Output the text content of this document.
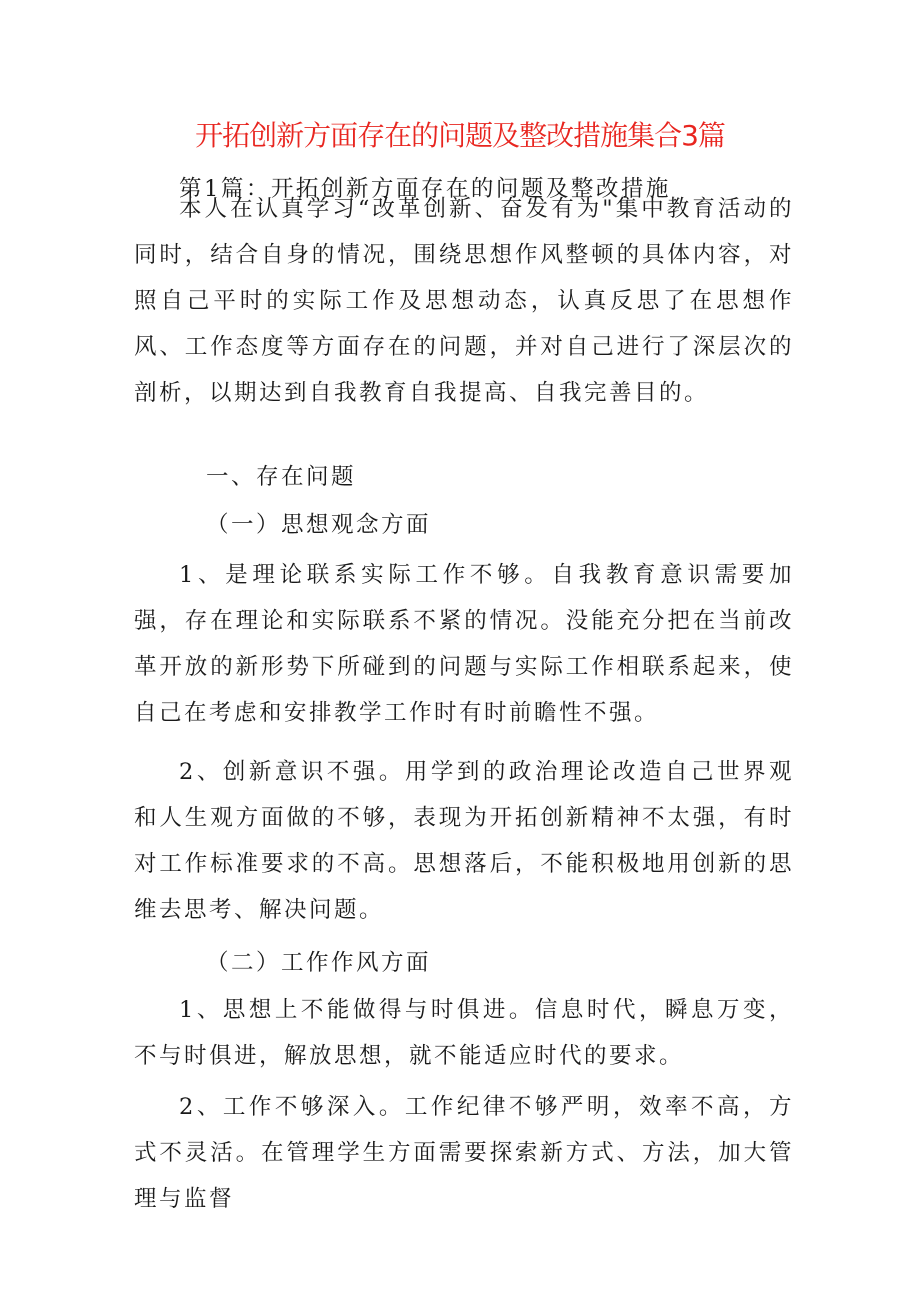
开拓创新方面存在的问题及整改措施集合3篇

第1篇：开拓创新方面存在的问题及整改措施

本人在认真学习“改革创新、奋发有为"集中教育活动的同时，结合自身的情况，围绕思想作风整顿的具体内容，对照自己平时的实际工作及思想动态，认真反思了在思想作风、工作态度等方面存在的问题，并对自己进行了深层次的剖析，以期达到自我教育自我提高、自我完善目的。

一、存在问题

（一）思想观念方面

1、是理论联系实际工作不够。自我教育意识需要加强，存在理论和实际联系不紧的情况。没能充分把在当前改革开放的新形势下所碰到的问题与实际工作相联系起来，使自己在考虑和安排教学工作时有时前瞻性不强。

2、创新意识不强。用学到的政治理论改造自己世界观和人生观方面做的不够，表现为开拓创新精神不太强，有时对工作标准要求的不高。思想落后，不能积极地用创新的思维去思考、解决问题。

（二）工作作风方面

1、思想上不能做得与时俱进。信息时代，瞬息万变，不与时俱进，解放思想，就不能适应时代的要求。

2、工作不够深入。工作纪律不够严明，效率不高，方式不灵活。在管理学生方面需要探索新方式、方法，加大管理与监督
